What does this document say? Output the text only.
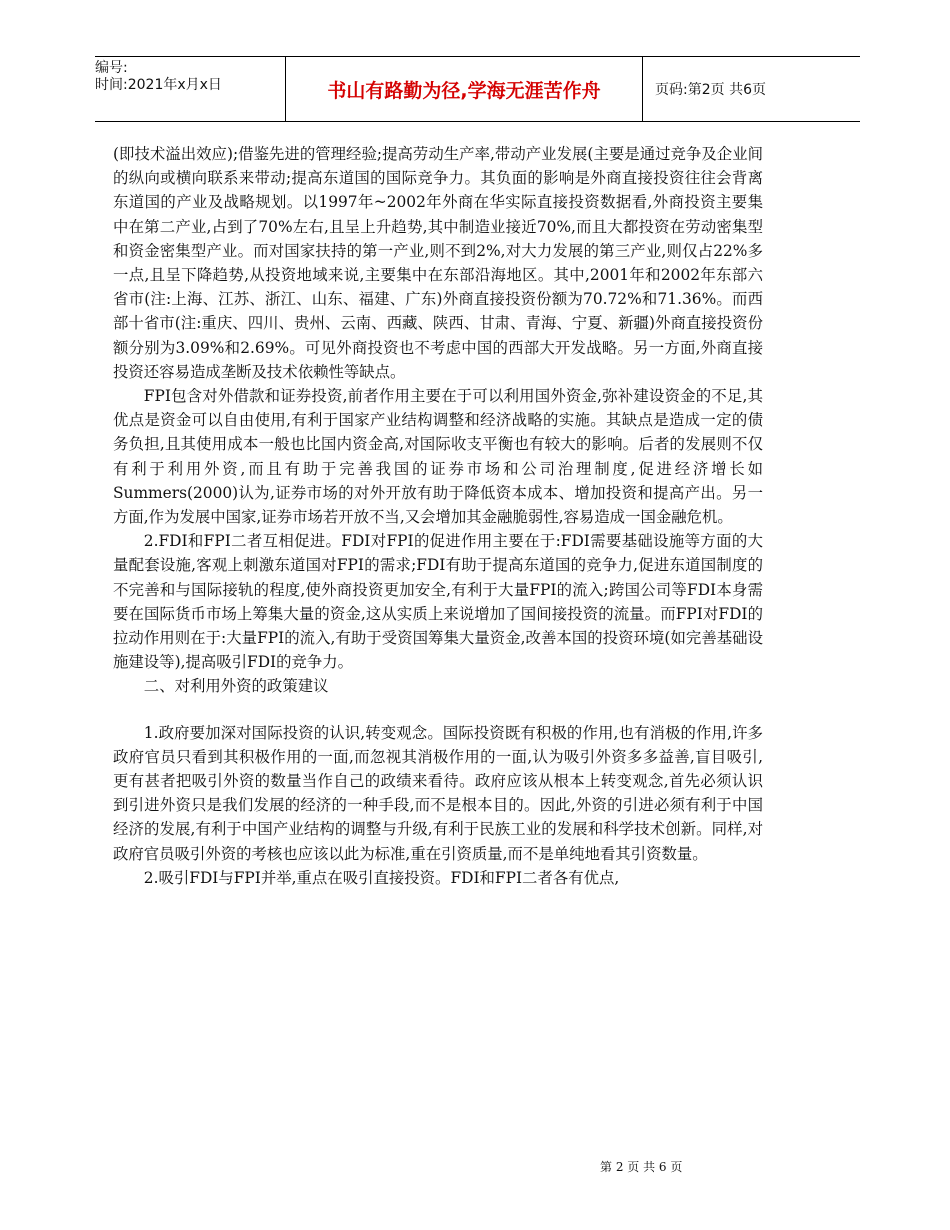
编号:
时间:2021年x月x日	书山有路勤为径,学海无涯苦作舟	页码:第2页 共6页

(即技术溢出效应);借鉴先进的管理经验;提高劳动生产率,带动产业发展(主要是通过竞争及企业间的纵向或横向联系来带动;提高东道国的国际竞争力。其负面的影响是外商直接投资往往会背离东道国的产业及战略规划。以1997年~2002年外商在华实际直接投资数据看,外商投资主要集中在第二产业,占到了70%左右,且呈上升趋势,其中制造业接近70%,而且大都投资在劳动密集型和资金密集型产业。而对国家扶持的第一产业,则不到2%,对大力发展的第三产业,则仅占22%多一点,且呈下降趋势,从投资地域来说,主要集中在东部沿海地区。其中,2001年和2002年东部六省市(注:上海、江苏、浙江、山东、福建、广东)外商直接投资份额为70.72%和71.36%。而西部十省市(注:重庆、四川、贵州、云南、西藏、陕西、甘肃、青海、宁夏、新疆)外商直接投资份额分别为3.09%和2.69%。可见外商投资也不考虑中国的西部大开发战略。另一方面,外商直接投资还容易造成垄断及技术依赖性等缺点。

FPI包含对外借款和证券投资,前者作用主要在于可以利用国外资金,弥补建设资金的不足,其优点是资金可以自由使用,有利于国家产业结构调整和经济战略的实施。其缺点是造成一定的债务负担,且其使用成本一般也比国内资金高,对国际收支平衡也有较大的影响。后者的发展则不仅有利于利用外资,而且有助于完善我国的证券市场和公司治理制度,促进经济增长如Summers(2000)认为,证券市场的对外开放有助于降低资本成本、增加投资和提高产出。另一方面,作为发展中国家,证券市场若开放不当,又会增加其金融脆弱性,容易造成一国金融危机。

2.FDI和FPI二者互相促进。FDI对FPI的促进作用主要在于:FDI需要基础设施等方面的大量配套设施,客观上刺激东道国对FPI的需求;FDI有助于提高东道国的竞争力,促进东道国制度的不完善和与国际接轨的程度,使外商投资更加安全,有利于大量FPI的流入;跨国公司等FDI本身需要在国际货币市场上筹集大量的资金,这从实质上来说增加了国间接投资的流量。而FPI对FDI的拉动作用则在于:大量FPI的流入,有助于受资国筹集大量资金,改善本国的投资环境(如完善基础设施建设等),提高吸引FDI的竞争力。

二、对利用外资的政策建议

1.政府要加深对国际投资的认识,转变观念。国际投资既有积极的作用,也有消极的作用,许多政府官员只看到其积极作用的一面,而忽视其消极作用的一面,认为吸引外资多多益善,盲目吸引,更有甚者把吸引外资的数量当作自己的政绩来看待。政府应该从根本上转变观念,首先必须认识到引进外资只是我们发展的经济的一种手段,而不是根本目的。因此,外资的引进必须有利于中国经济的发展,有利于中国产业结构的调整与升级,有利于民族工业的发展和科学技术创新。同样,对政府官员吸引外资的考核也应该以此为标准,重在引资质量,而不是单纯地看其引资数量。

2.吸引FDI与FPI并举,重点在吸引直接投资。FDI和FPI二者各有优点,

第 2 页 共 6 页
